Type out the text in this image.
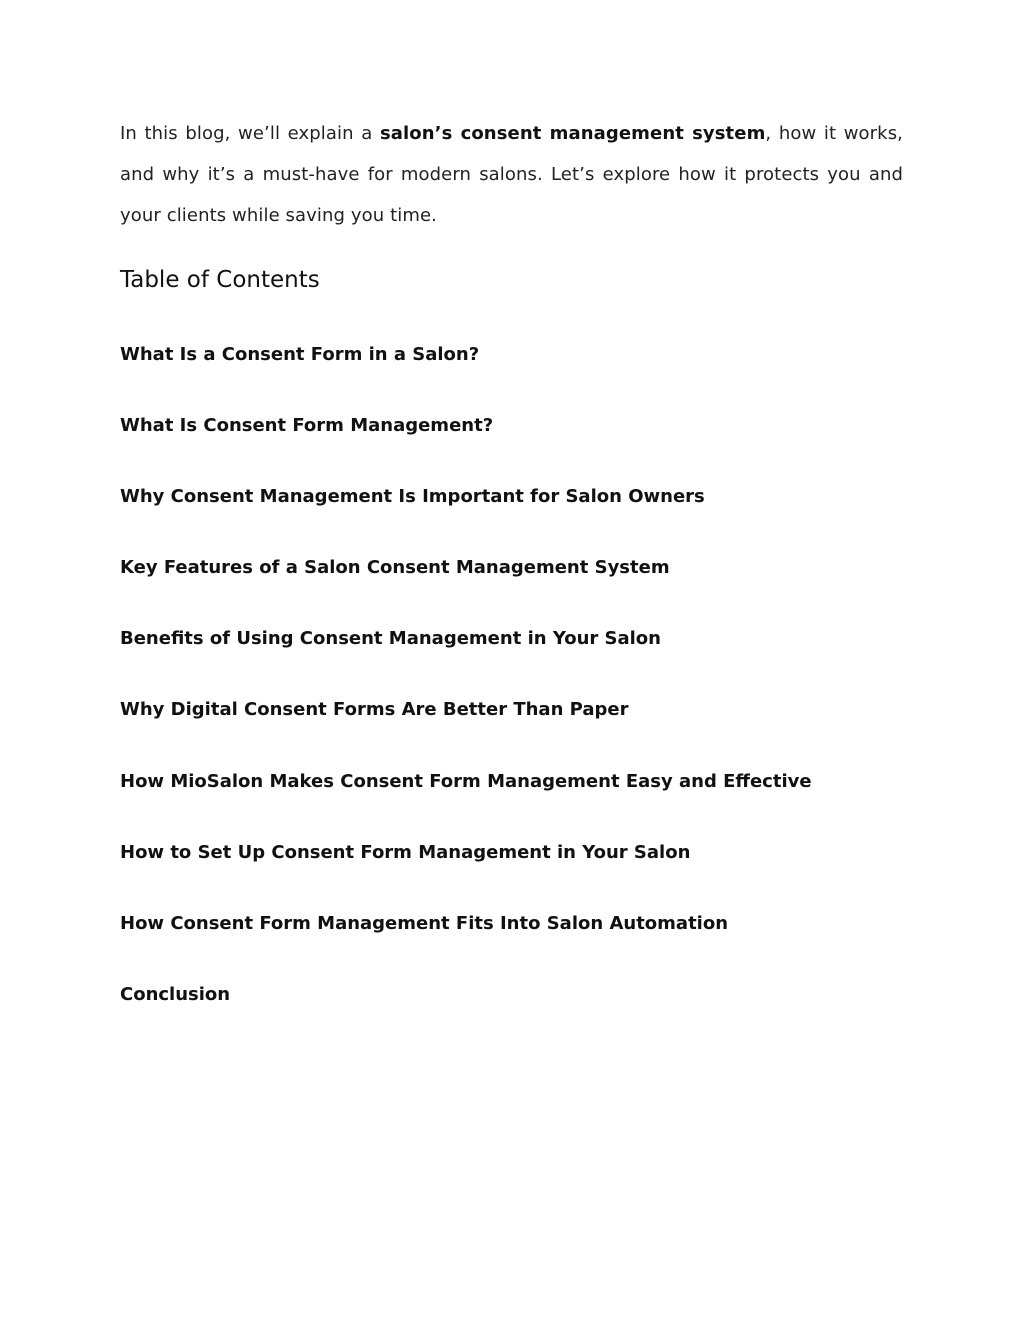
In this blog, we’ll explain a salon’s consent management system, how it works, and why it’s a must-have for modern salons. Let’s explore how it protects you and your clients while saving you time.

Table of Contents
What Is a Consent Form in a Salon?
What Is Consent Form Management?
Why Consent Management Is Important for Salon Owners
Key Features of a Salon Consent Management System
Benefits of Using Consent Management in Your Salon
Why Digital Consent Forms Are Better Than Paper
How MioSalon Makes Consent Form Management Easy and Effective
How to Set Up Consent Form Management in Your Salon
How Consent Form Management Fits Into Salon Automation
Conclusion
